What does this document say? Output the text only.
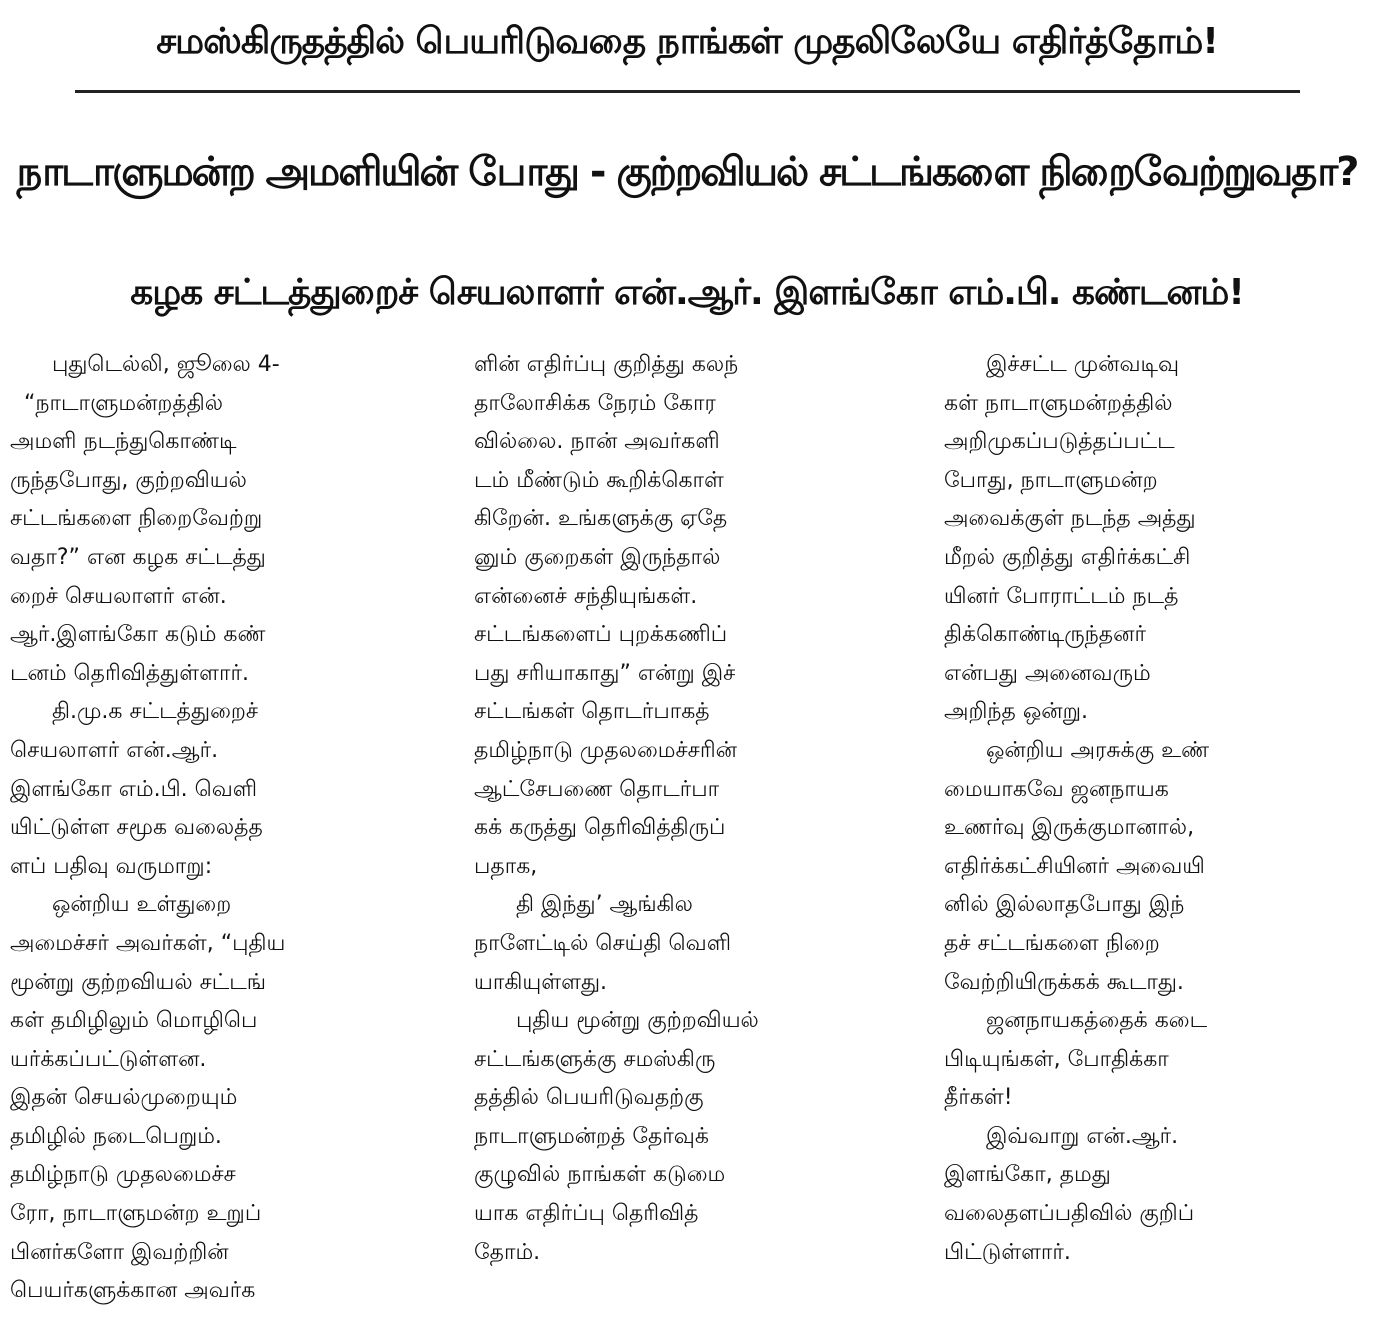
சமஸ்கிருதத்தில் பெயரிடுவதை நாங்கள் முதலிலேயே எதிர்த்தோம்!
நாடாளுமன்ற அமளியின் போது - குற்றவியல் சட்டங்களை நிறைவேற்றுவதா?
கழக சட்டத்துறைச் செயலாளர் என்.ஆர். இளங்கோ எம்.பி. கண்டனம்!
புதுடெல்லி, ஜூலை 4-
“நாடாளுமன்றத்தில்
அமளி நடந்துகொண்டி
ருந்தபோது, குற்றவியல்
சட்டங்களை நிறைவேற்று
வதா?” என கழக சட்டத்து
றைச் செயலாளர் என்.
ஆர்.இளங்கோ கடும் கண்
டனம் தெரிவித்துள்ளார்.
தி.மு.க சட்டத்துறைச்
செயலாளர் என்.ஆர்.
இளங்கோ எம்.பி. வெளி
யிட்டுள்ள சமூக வலைத்த
ளப் பதிவு வருமாறு:
ஒன்றிய உள்துறை
அமைச்சர் அவர்கள், “புதிய
மூன்று குற்றவியல் சட்டங்
கள் தமிழிலும் மொழிபெ
யர்க்கப்பட்டுள்ளன.
இதன் செயல்முறையும்
தமிழில் நடைபெறும்.
தமிழ்நாடு முதலமைச்ச
ரோ, நாடாளுமன்ற உறுப்
பினர்களோ இவற்றின்
பெயர்களுக்கான அவர்க
ளின் எதிர்ப்பு குறித்து கலந்
தாலோசிக்க நேரம் கோர
வில்லை. நான் அவர்களி
டம் மீண்டும் கூறிக்கொள்
கிறேன். உங்களுக்கு ஏதே
னும் குறைகள் இருந்தால்
என்னைச் சந்தியுங்கள்.
சட்டங்களைப் புறக்கணிப்
பது சரியாகாது” என்று இச்
சட்டங்கள் தொடர்பாகத்
தமிழ்நாடு முதலமைச்சரின்
ஆட்சேபணை தொடர்பா
கக் கருத்து தெரிவித்திருப்
பதாக,
தி இந்து’ ஆங்கில
நாளேட்டில் செய்தி வெளி
யாகியுள்ளது.
புதிய மூன்று குற்றவியல்
சட்டங்களுக்கு சமஸ்கிரு
தத்தில் பெயரிடுவதற்கு
நாடாளுமன்றத் தேர்வுக்
குழுவில் நாங்கள் கடுமை
யாக எதிர்ப்பு தெரிவித்
தோம்.
இச்சட்ட முன்வடிவு
கள் நாடாளுமன்றத்தில்
அறிமுகப்படுத்தப்பட்ட
போது, நாடாளுமன்ற
அவைக்குள் நடந்த அத்து
மீறல் குறித்து எதிர்க்கட்சி
யினர் போராட்டம் நடத்
திக்கொண்டிருந்தனர்
என்பது அனைவரும்
அறிந்த ஒன்று.
ஒன்றிய அரசுக்கு உண்
மையாகவே ஜனநாயக
உணர்வு இருக்குமானால்,
எதிர்க்கட்சியினர் அவையி
னில் இல்லாதபோது இந்
தச் சட்டங்களை நிறை
வேற்றியிருக்கக் கூடாது.
ஜனநாயகத்தைக் கடை
பிடியுங்கள், போதிக்கா
தீர்கள்!
இவ்வாறு என்.ஆர்.
இளங்கோ, தமது
வலைதளப்பதிவில் குறிப்
பிட்டுள்ளார்.
